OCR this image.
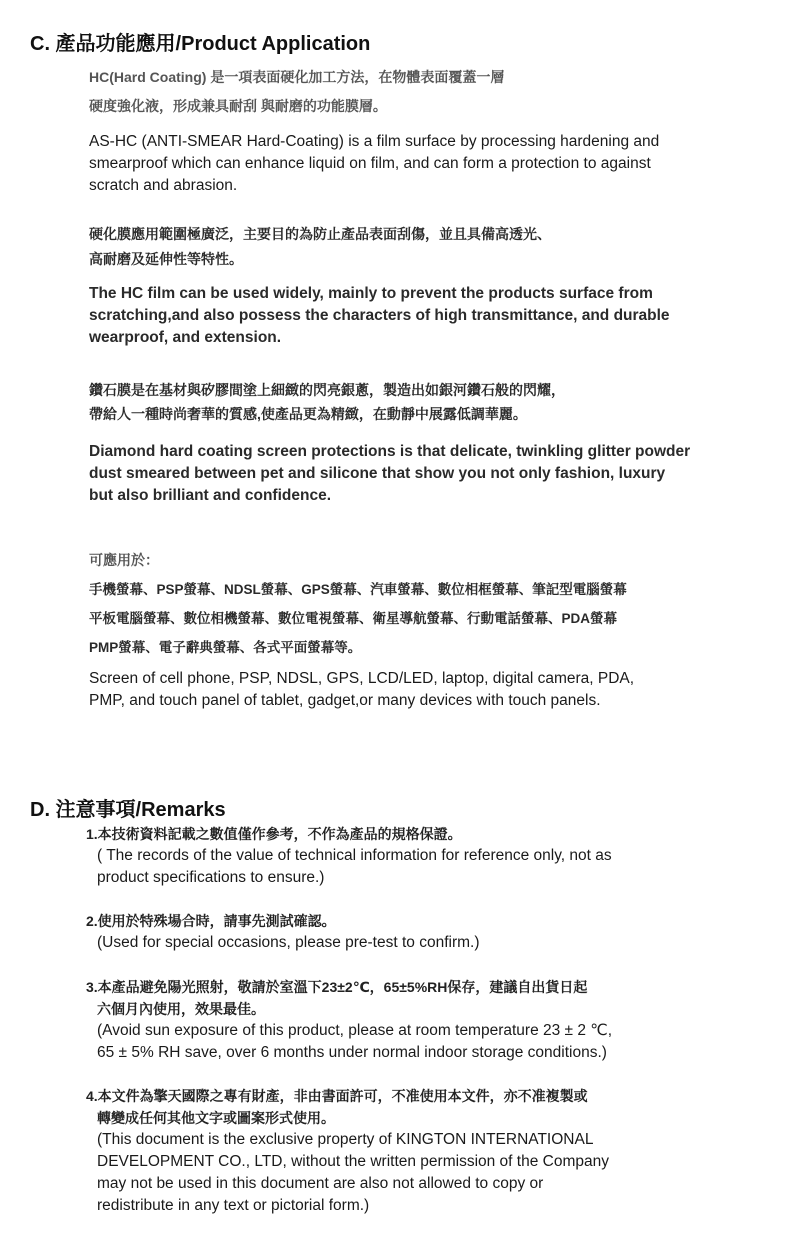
C. 產品功能應用/Product Application

HC(Hard Coating) 是一項表面硬化加工方法，在物體表面覆蓋一層

硬度強化液，形成兼具耐刮 與耐磨的功能膜層。

AS-HC (ANTI-SMEAR Hard-Coating) is a film surface by processing hardening and

smearproof which can enhance liquid on film, and can form a protection to against

scratch and abrasion.

硬化膜應用範圍極廣泛，主要目的為防止產品表面刮傷，並且具備高透光、

高耐磨及延伸性等特性。

The HC film can be used widely, mainly to prevent the products surface from

scratching,and also possess the characters of high transmittance, and durable

wearproof, and extension.

鑽石膜是在基材與矽膠間塗上細緻的閃亮銀蔥，製造出如銀河鑽石般的閃耀，

帶給人一種時尚奢華的質感,使產品更為精緻，在動靜中展露低調華麗。

Diamond hard coating screen protections is that delicate, twinkling glitter powder

dust smeared between pet and silicone that show you not only fashion, luxury

but also brilliant and confidence.

可應用於：

手機螢幕、PSP螢幕、NDSL螢幕、GPS螢幕、汽車螢幕、數位相框螢幕、筆記型電腦螢幕

平板電腦螢幕、數位相機螢幕、數位電視螢幕、衛星導航螢幕、行動電話螢幕、PDA螢幕

PMP螢幕、電子辭典螢幕、各式平面螢幕等。

Screen of cell phone, PSP, NDSL, GPS, LCD/LED, laptop, digital camera, PDA,

PMP, and touch panel of tablet, gadget,or many devices with touch panels.

D. 注意事項/Remarks

1.本技術資料記載之數值僅作參考，不作為產品的規格保證。

( The records of the value of technical information for reference only, not as

product specifications to ensure.)

2.使用於特殊場合時，請事先測試確認。

(Used for special occasions, please pre-test to confirm.)

3.本產品避免陽光照射，敬請於室溫下23±2℃，65±5%RH保存，建議自出貨日起

六個月內使用，效果最佳。

(Avoid sun exposure of this product, please at room temperature 23 ± 2 ℃,

65 ± 5% RH save, over 6 months under normal indoor storage conditions.)

4.本文件為擎天國際之專有財產，非由書面許可，不准使用本文件，亦不准複製或

轉變成任何其他文字或圖案形式使用。

(This document is the exclusive property of KINGTON INTERNATIONAL

DEVELOPMENT CO., LTD, without the written permission of the Company

may not be used in this document are also not allowed to copy or

redistribute in any text or pictorial form.)
